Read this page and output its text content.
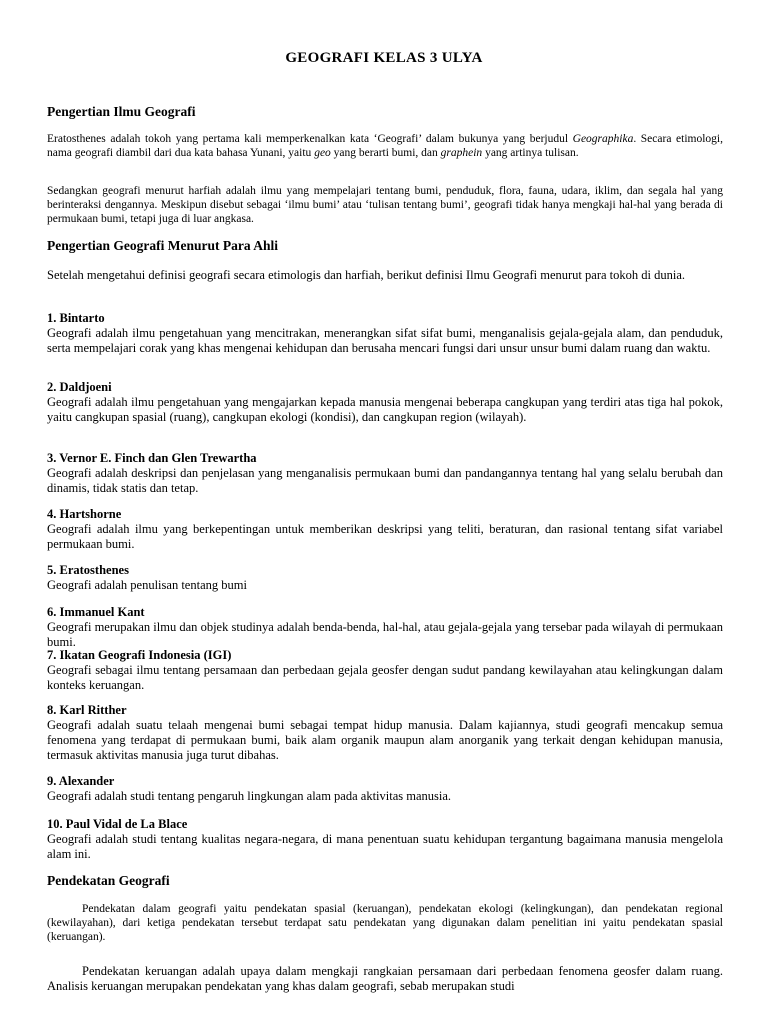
GEOGRAFI KELAS 3 ULYA
Pengertian Ilmu Geografi
Eratosthenes adalah tokoh yang pertama kali memperkenalkan kata ‘Geografi’ dalam bukunya yang berjudul Geographika. Secara etimologi, nama geografi diambil dari dua kata bahasa Yunani, yaitu geo yang berarti bumi, dan graphein yang artinya tulisan.
Sedangkan geografi menurut harfiah adalah ilmu yang mempelajari tentang bumi, penduduk, flora, fauna, udara, iklim, dan segala hal yang berinteraksi dengannya. Meskipun disebut sebagai ‘ilmu bumi’ atau ‘tulisan tentang bumi’, geografi tidak hanya mengkaji hal-hal yang berada di permukaan bumi, tetapi juga di luar angkasa.
Pengertian Geografi Menurut Para Ahli
Setelah mengetahui definisi geografi secara etimologis dan harfiah, berikut definisi Ilmu Geografi menurut para tokoh di dunia.
1. Bintarto
Geografi adalah ilmu pengetahuan yang mencitrakan, menerangkan sifat sifat bumi, menganalisis gejala-gejala alam, dan penduduk, serta mempelajari corak yang khas mengenai kehidupan dan berusaha mencari fungsi dari unsur unsur bumi dalam ruang dan waktu.
2. Daldjoeni
Geografi adalah ilmu pengetahuan yang mengajarkan kepada manusia mengenai beberapa cangkupan yang terdiri atas tiga hal pokok, yaitu cangkupan spasial (ruang), cangkupan ekologi (kondisi), dan cangkupan region (wilayah).
3. Vernor E. Finch dan Glen Trewartha
Geografi adalah deskripsi dan penjelasan yang menganalisis permukaan bumi dan pandangannya tentang hal yang selalu berubah dan dinamis, tidak statis dan tetap.
4. Hartshorne
Geografi adalah ilmu yang berkepentingan untuk memberikan deskripsi yang teliti, beraturan, dan rasional tentang sifat variabel permukaan bumi.
5. Eratosthenes
Geografi adalah penulisan tentang bumi
6. Immanuel Kant
Geografi merupakan ilmu dan objek studinya adalah benda-benda, hal-hal, atau gejala-gejala yang tersebar pada wilayah di permukaan bumi.
7. Ikatan Geografi Indonesia (IGI)
Geografi sebagai ilmu tentang persamaan dan perbedaan gejala geosfer dengan sudut pandang kewilayahan atau kelingkungan dalam konteks keruangan.
8. Karl Ritther
Geografi adalah suatu telaah mengenai bumi sebagai tempat hidup manusia. Dalam kajiannya, studi geografi mencakup semua fenomena yang terdapat di permukaan bumi, baik alam organik maupun alam anorganik yang terkait dengan kehidupan manusia, termasuk aktivitas manusia juga turut dibahas.
9. Alexander
Geografi adalah studi tentang pengaruh lingkungan alam pada aktivitas manusia.
10. Paul Vidal de La Blace
Geografi adalah studi tentang kualitas negara-negara, di mana penentuan suatu kehidupan tergantung bagaimana manusia mengelola alam ini.
Pendekatan Geografi
Pendekatan dalam geografi yaitu pendekatan spasial (keruangan), pendekatan ekologi (kelingkungan), dan pendekatan regional (kewilayahan), dari ketiga pendekatan tersebut terdapat satu pendekatan yang digunakan dalam penelitian ini yaitu pendekatan spasial (keruangan).
Pendekatan keruangan adalah upaya dalam mengkaji rangkaian persamaan dari perbedaan fenomena geosfer dalam ruang. Analisis keruangan merupakan pendekatan yang khas dalam geografi, sebab merupakan studi
